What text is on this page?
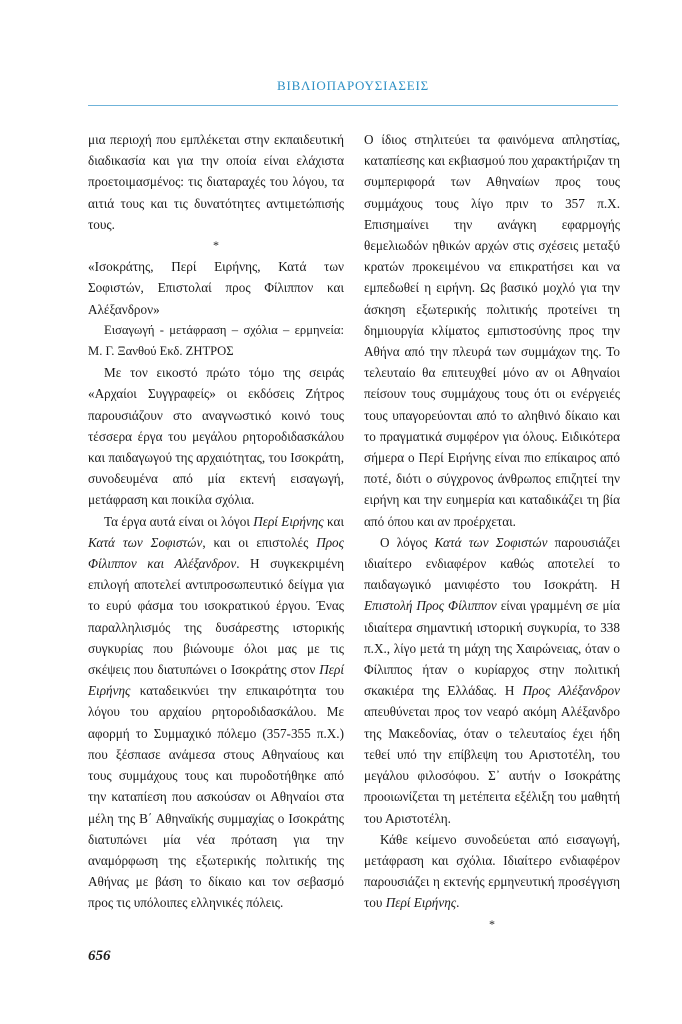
ΒΙΒΛΙΟΠΑΡΟΥΣΙΑΣΕΙΣ

μια περιοχή που εμπλέκεται στην εκπαιδευτική διαδικασία και για την οποία είναι ελάχιστα προετοιμασμένος: τις διαταραχές του λόγου, τα αιτιά τους και τις δυνατότητες αντιμετώπισής τους.

*

«Ισοκράτης, Περί Ειρήνης, Κατά των Σοφιστών, Επιστολαί προς Φίλιππον και Αλέξανδρον»

Εισαγωγή - μετάφραση – σχόλια – ερμηνεία: Μ. Γ. Ξανθού Εκδ. ΖΗΤΡΟΣ

Με τον εικοστό πρώτο τόμο της σειράς «Αρχαίοι Συγγραφείς» οι εκδόσεις Ζήτρος παρουσιάζουν στο αναγνωστικό κοινό τους τέσσερα έργα του μεγάλου ρητοροδιδασκάλου και παιδαγωγού της αρχαιότητας, του Ισοκράτη, συνοδευμένα από μία εκτενή εισαγωγή, μετάφραση και ποικίλα σχόλια.

Τα έργα αυτά είναι οι λόγοι Περί Ειρήνης και Κατά των Σοφιστών, και οι επιστολές Προς Φίλιππον και Αλέξανδρον. Η συγκεκριμένη επιλογή αποτελεί αντιπροσωπευτικό δείγμα για το ευρύ φάσμα του ισοκρατικού έργου. Ένας παραλληλισμός της δυσάρεστης ιστορικής συγκυρίας που βιώνουμε όλοι μας με τις σκέψεις που διατυπώνει ο Ισοκράτης στον Περί Ειρήνης καταδεικνύει την επικαιρότητα του λόγου του αρχαίου ρητοροδιδασκάλου. Με αφορμή το Συμμαχικό πόλεμο (357-355 π.Χ.) που ξέσπασε ανάμεσα στους Αθηναίους και τους συμμάχους τους και πυροδοτήθηκε από την καταπίεση που ασκούσαν οι Αθηναίοι στα μέλη της Β΄ Αθηναϊκής συμμαχίας ο Ισοκράτης διατυπώνει μία νέα πρόταση για την αναμόρφωση της εξωτερικής πολιτικής της Αθήνας με βάση το δίκαιο και τον σεβασμό προς τις υπόλοιπες ελληνικές πόλεις.

Ο ίδιος στηλιτεύει τα φαινόμενα απληστίας, καταπίεσης και εκβιασμού που χαρακτήριζαν τη συμπεριφορά των Αθηναίων προς τους συμμάχους τους λίγο πριν το 357 π.Χ. Επισημαίνει την ανάγκη εφαρμογής θεμελιωδών ηθικών αρχών στις σχέσεις μεταξύ κρατών προκειμένου να επικρατήσει και να εμπεδωθεί η ειρήνη. Ως βασικό μοχλό για την άσκηση εξωτερικής πολιτικής προτείνει τη δημιουργία κλίματος εμπιστοσύνης προς την Αθήνα από την πλευρά των συμμάχων της. Το τελευταίο θα επιτευχθεί μόνο αν οι Αθηναίοι πείσουν τους συμμάχους τους ότι οι ενέργειές τους υπαγορεύονται από το αληθινό δίκαιο και το πραγματικά συμφέρον για όλους. Ειδικότερα σήμερα ο Περί Ειρήνης είναι πιο επίκαιρος από ποτέ, διότι ο σύγχρονος άνθρωπος επιζητεί την ειρήνη και την ευημερία και καταδικάζει τη βία από όπου και αν προέρχεται.

Ο λόγος Κατά των Σοφιστών παρουσιάζει ιδιαίτερο ενδιαφέρον καθώς αποτελεί το παιδαγωγικό μανιφέστο του Ισοκράτη. Η Επιστολή Προς Φίλιππον είναι γραμμένη σε μία ιδιαίτερα σημαντική ιστορική συγκυρία, το 338 π.Χ., λίγο μετά τη μάχη της Χαιρώνειας, όταν ο Φίλιππος ήταν ο κυρίαρχος στην πολιτική σκακιέρα της Ελλάδας. Η Προς Αλέξανδρον απευθύνεται προς τον νεαρό ακόμη Αλέξανδρο της Μακεδονίας, όταν ο τελευταίος έχει ήδη τεθεί υπό την επίβλεψη του Αριστοτέλη, του μεγάλου φιλοσόφου. Σ᾽ αυτήν ο Ισοκράτης προοιωνίζεται τη μετέπειτα εξέλιξη του μαθητή του Αριστοτέλη.

Κάθε κείμενο συνοδεύεται από εισαγωγή, μετάφραση και σχόλια. Ιδιαίτερο ενδιαφέρον παρουσιάζει η εκτενής ερμηνευτική προσέγγιση του Περί Ειρήνης.

*

656
